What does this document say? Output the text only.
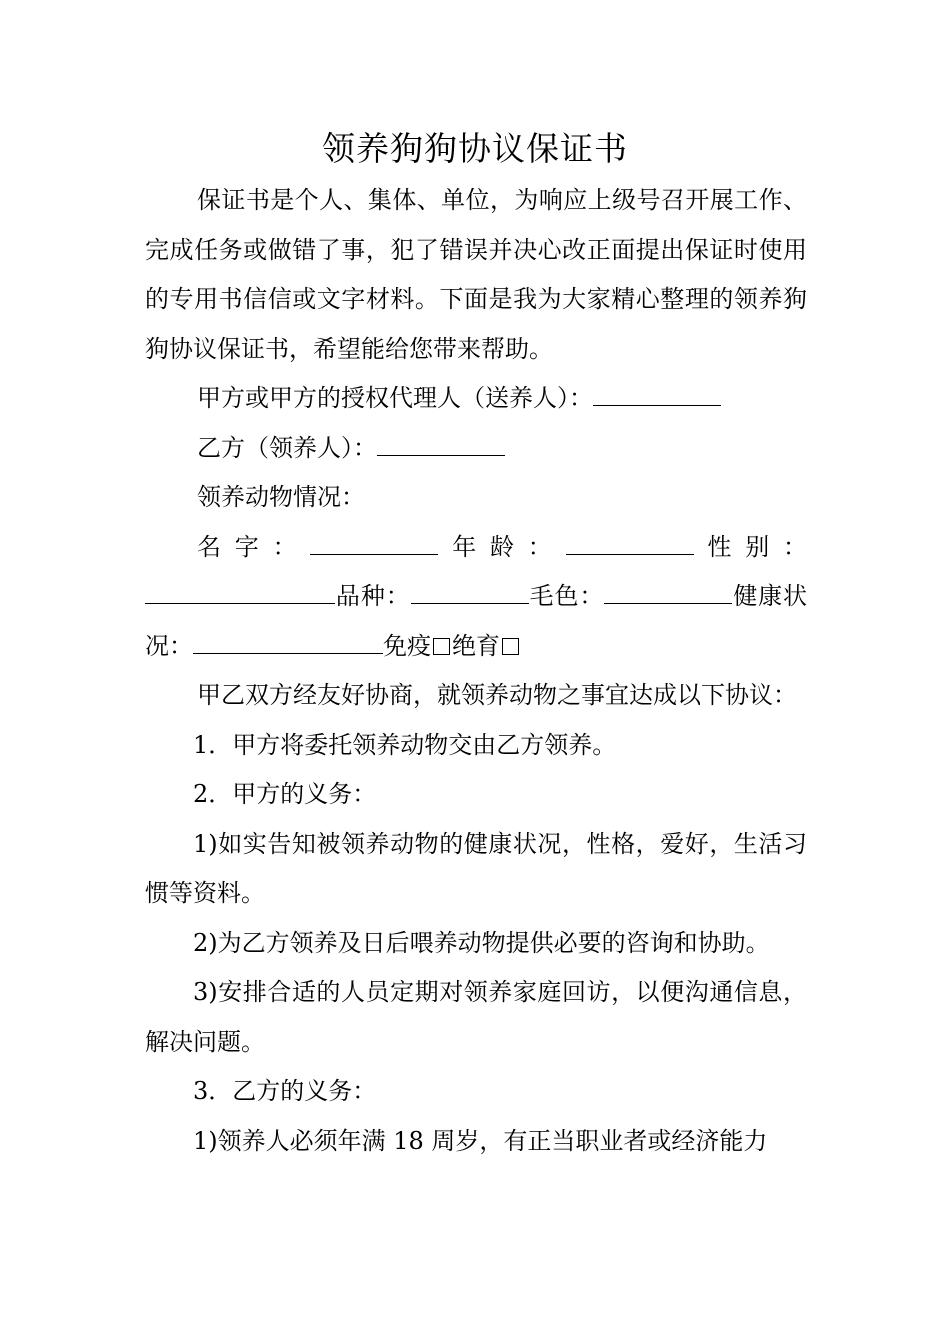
领养狗狗协议保证书

保证书是个人、集体、单位，为响应上级号召开展工作、完成任务或做错了事，犯了错误并决心改正面提出保证时使用的专用书信信或文字材料。下面是我为大家精心整理的领养狗狗协议保证书，希望能给您带来帮助。

甲方或甲方的授权代理人（送养人）：

乙方（领养人）：

领养动物情况：

名字：	年龄：	性别：品种：	毛色：	健康状况：	免疫 绝育

甲乙双方经友好协商，就领养动物之事宜达成以下协议：

1．甲方将委托领养动物交由乙方领养。

2．甲方的义务：

1)如实告知被领养动物的健康状况，性格，爱好，生活习惯等资料。

2)为乙方领养及日后喂养动物提供必要的咨询和协助。

3)安排合适的人员定期对领养家庭回访，以便沟通信息，解决问题。

3．乙方的义务：

1)领养人必须年满 18 周岁，有正当职业者或经济能力
